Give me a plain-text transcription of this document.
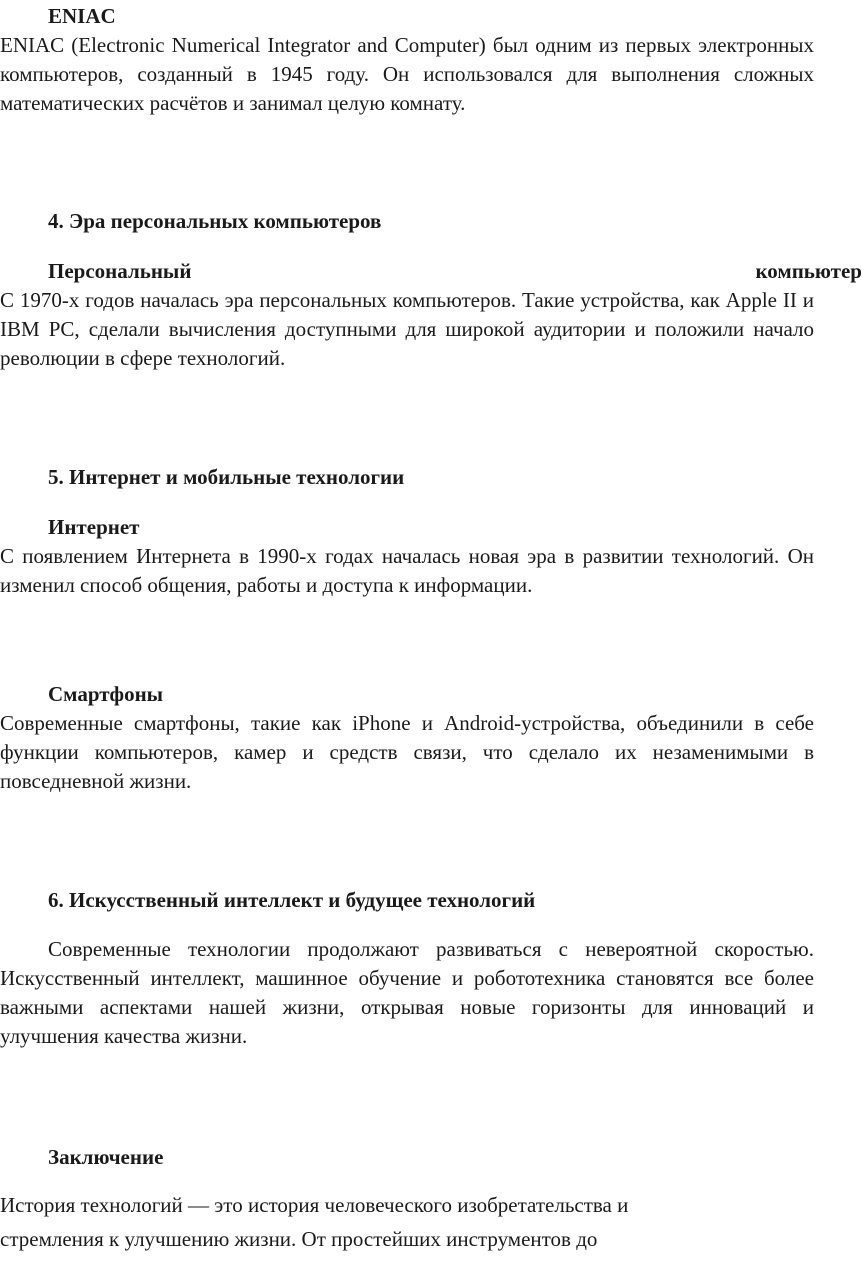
ENIAC

ENIAC (Electronic Numerical Integrator and Computer) был одним из первых электронных компьютеров, созданный в 1945 году. Он использовался для выполнения сложных математических расчётов и занимал целую комнату.

4. Эра персональных компьютеров
Персональный	компьютер

С 1970-х годов началась эра персональных компьютеров. Такие устройства, как Apple II и IBM PC, сделали вычисления доступными для широкой аудитории и положили начало революции в сфере технологий.

5. Интернет и мобильные технологии
Интернет

С появлением Интернета в 1990-х годах началась новая эра в развитии технологий. Он изменил способ общения, работы и доступа к информации.

Смартфоны

Современные смартфоны, такие как iPhone и Android-устройства, объединили в себе функции компьютеров, камер и средств связи, что сделало их незаменимыми в повседневной жизни.

6. Искусственный интеллект и будущее технологий

Современные технологии продолжают развиваться с невероятной скоростью. Искусственный интеллект, машинное обучение и робототехника становятся все более важными аспектами нашей жизни, открывая новые горизонты для инноваций и улучшения качества жизни.

Заключение
История технологий — это история человеческого изобретательства и
стремления к улучшению жизни. От простейших инструментов до
